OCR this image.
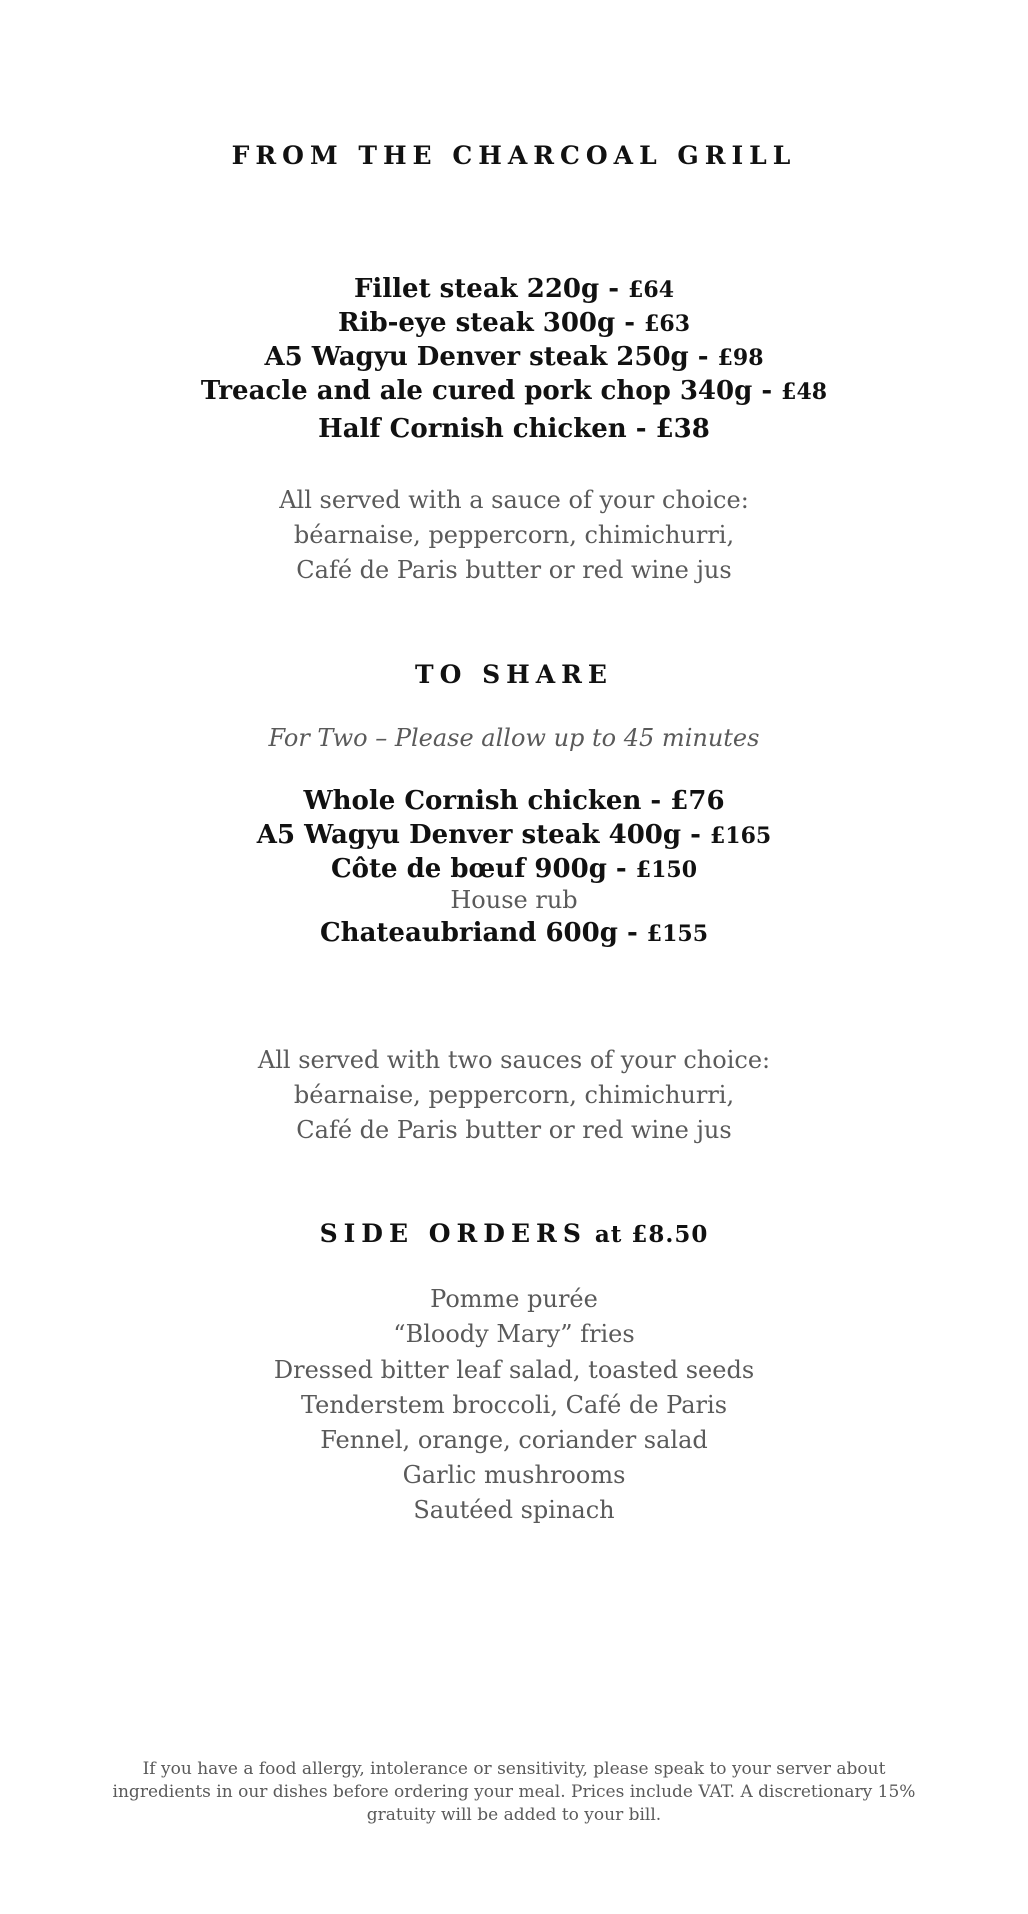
FROM THE CHARCOAL GRILL
Fillet steak 220g - £64
Rib-eye steak 300g - £63
A5 Wagyu Denver steak 250g - £98
Treacle and ale cured pork chop 340g - £48
Half Cornish chicken - £38
All served with a sauce of your choice:
béarnaise, peppercorn, chimichurri,
Café de Paris butter or red wine jus
TO SHARE
For Two – Please allow up to 45 minutes
Whole Cornish chicken - £76
A5 Wagyu Denver steak 400g - £165
Côte de bœuf 900g - £150
House rub
Chateaubriand 600g - £155
All served with two sauces of your choice:
béarnaise, peppercorn, chimichurri,
Café de Paris butter or red wine jus
SIDE ORDERS at £8.50
Pomme purée
“Bloody Mary” fries
Dressed bitter leaf salad, toasted seeds
Tenderstem broccoli, Café de Paris
Fennel, orange, coriander salad
Garlic mushrooms
Sautéed spinach
If you have a food allergy, intolerance or sensitivity, please speak to your server about ingredients in our dishes before ordering your meal. Prices include VAT. A discretionary 15% gratuity will be added to your bill.
